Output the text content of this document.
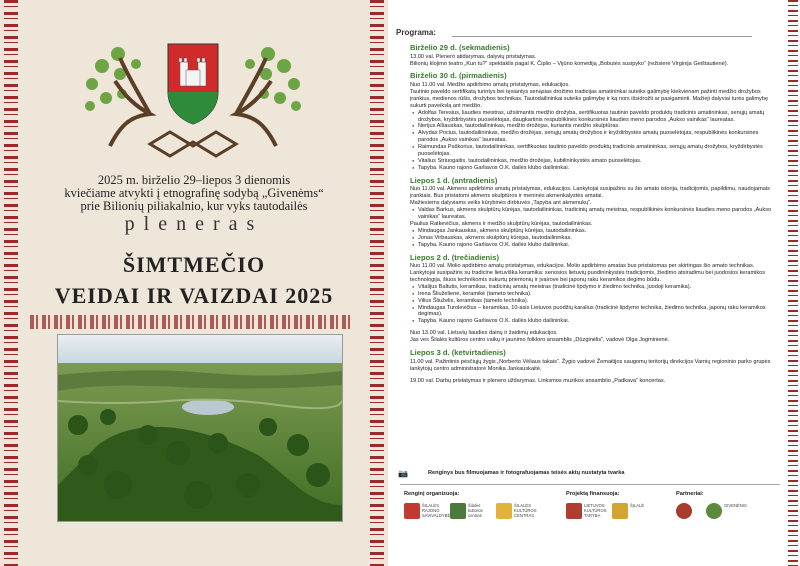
2025 m. birželio 29–liepos 3 dienomis
kviečiame atvykti į etnografinę sodybą „Givenėms“
prie Bilionių piliakalnio, kur vyks tautodailės
pleneras
ŠIMTMEČIO
VEIDAI IR VAIZDAI 2025
Programa:
Birželio 29 d. (sekmadienis)
13.00 val. Pleneró atidarymas, dalyvių pristatymas.
Bilionių klojimo teatro „Kun tu?“ spektaklis pagal K. Čiplio – Vijūno komediją „Bobutės susipyko“ (režisierė Virginija Geištautienė).
Birželio 30 d. (pirmadienis)
Nuo 11.00 val. Medžio apdirbimo amatų pristatymas, edukacijos.
Tautinio paveldo sertifikatą turintys bei tęsiantys senąsias drožimo tradicijas amatininkai suteiks galimybę kiekvienam pažinti medžio drožybos įrankius, medienos rūšis, drožybos technikas. Tautodailininkai suteiks galimybę ir ką nors išsidrožti ar pasigaminti. Mažieji dalyviai turės galimybę sukurti paveikslą ant medžio.
● Adolfas Teresius, liaudies meistras, užsiimantis medžio drožyba, sertifikuotas tautinio paveldo produktų tradicinis amatininkas, senųjų amatų drožybos, kryždirbystės puoselėtojas, daugkartinis respublikinės konkursinės liaudies meno parodos „Aukso vainikas“ laureatas.
● Nerijus Alšauskas, tautodailininkas, medžio drožėjas, kuriantis medžio skulptūras.
● Alvydas Pocius, tautodailininkas, medžio drožėjas, senųjų amatų drožybos ir kryždirbystės amatų puoselėtojas, respublikinės konkursinės parodos „Aukso vainikas“ laureatas.
● Raimundas Paškorius, tautodailininkas, sertifikuotas tautinio paveldo produktų tradicinis amatininkas, senųjų amatų drožybos, kryždirbystės puoselėtojas.
● Vitalius Striuogaitis, tautodailininkas, medžio drožėjas, kubilininkystės amato puoselėtojas.
● Tapyba. Kauno rajono Garliavos O.K. dailės klubo dailininkai.
Liepos 1 d. (antradienis)
Nuo 11.00 val. Akmens apdirbimo amatų pristatymas, edukacijos. Lankytojai susipažins su šio amato istorija, tradicijomis, papildimu, naudojamais įrankiais. Bus pristatomi akmens skulptūros ir meninės akmenkalystės amatai.
Mažiesiems dalyviams veiks kūrybinės dirbtuvės „Tapyba ant akmenukų“.
● Valdas Barkus, akmens skulptūrų kūrėjas, tautodailininkas, tradicinių amatų meistras, respublikinės konkursinės liaudies meno parodos „Aukso vainikas“ laureatas.
Paulius Ratkevičius, akmens ir medžio skulptūrų kūrėjas, tautodailininkas.
● Mindaugas Jankauskas, akmens skulptūrų kūrėjas, tautodailininkas.
● Jonas Virbauskas, akmens skulptūrų kūrėjas, tautodailininkas.
● Tapyba. Kauno rajono Garliavos O.K. dailės klubo dailininkai.
Liepos 2 d. (trečiadienis)
Nuo 11.00 val. Molio apdirbimo amatų pristatymas, edukacijos. Molio apdirbimo amatas bus pristatomas per skirtingas šio amato technikas. Lankytojai susipažins su tradicine lietuviška keramika: senosios lietuvių puodininkystės tradicijomis, žiedimo atsiradimu bei juodosios keramikos technologija, šiuos technikomis sukurtų priemonių ir įvairove bei japonų raku keramikos degimo būdu.
● Vitalijus Baltutis, keramikas, tradicinių amatų meistras (tradicinė lipdymo ir žiedimo technika, juodoji keramika).
● Irena Šliuželienė, keramikė (tameto technika).
● Vilius Šliuželis, keramikas (tameto technika).
● Mindaugas Turolevičius – keramikas, 10-asis Lietuvos puodžių karalius (tradicinė lipdymo technika, žiedimo technika, japonų raku keramikos degimas).
● Tapyba. Kauno rajono Garliavos O.K. dailės klubo dailininkai.
Nuo 13.00 val. Lietuvių liaudies dainų ir žaidimų edukacijos.
Jas ves Šilalės kultūros centro vaikų ir jaunimo folkloro ansamblis „Dūzginėlis“, vadovė Olga Jogminienė.
Liepos 3 d. (ketvirtadienis)
11.00 val. Pažintinis pėsčiųjų žygis „Norberto Vėliaus takais“. Žygio vadovė Žemaitijos saugomų teritorijų direkcijos Varnių regioninio parko grupės lankytojų centro administratorė Monika Jankauskaitė.
19.00 val. Darbų pristatymas ir plenero uždarymas. Linksmos muzikos ansamblio „Padkava“ koncertas.
📷	Renginys bus filmuojamas ir fotografuojamas teisės aktų nustatyta tvarka
Renginį organizuoja:	Projektą finansuoja:	Partneriai:
ŠILALĖS RAJONO SAVIVALDYBĖ
Šilalės kultūros centras
ŠILALĖS KULTŪROS CENTRAS
LIETUVOS KULTŪROS TARYBA
ŠILALĖ	GIVENĖNIS
